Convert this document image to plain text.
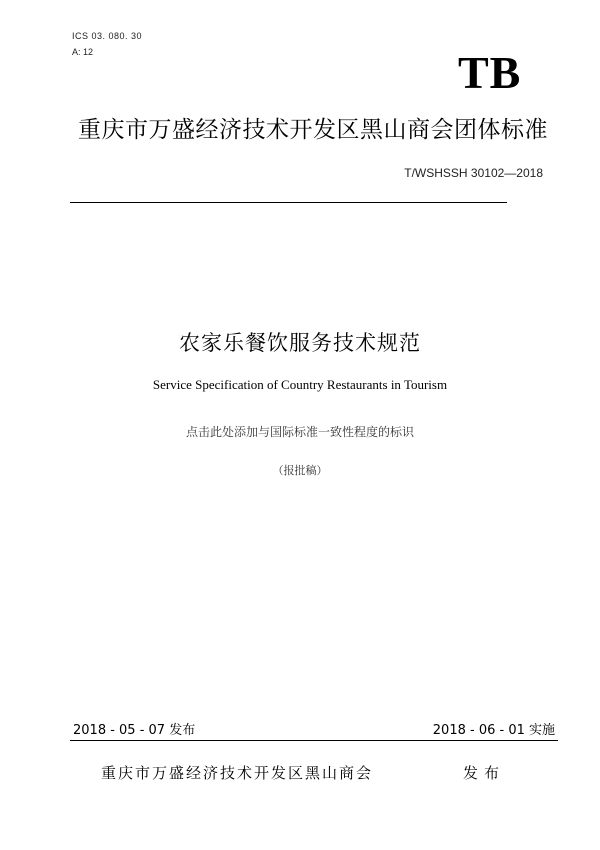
ICS 03. 080. 30
A: 12	TB
重庆市万盛经济技术开发区黑山商会团体标准
T/WSHSSH 30102—2018
农家乐餐饮服务技术规范
Service Specification of Country Restaurants in Tourism
点击此处添加与国际标准一致性程度的标识
（报批稿）
2018 - 05 - 07 发布	2018 - 06 - 01 实施
重庆市万盛经济技术开发区黑山商会	发布
